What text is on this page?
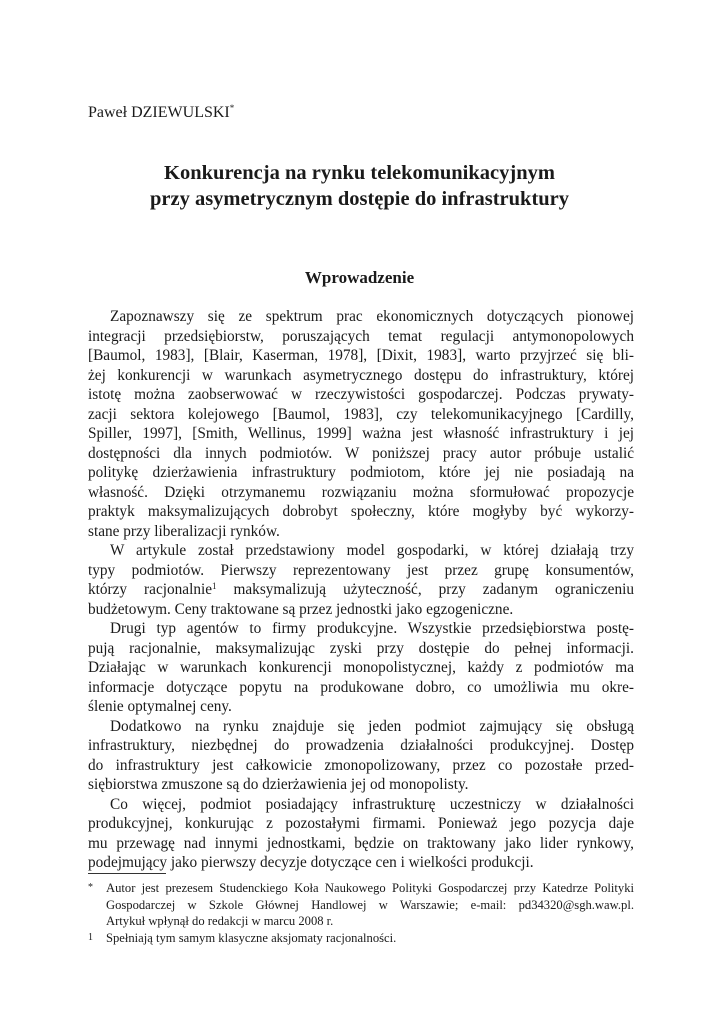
Paweł DZIEWULSKI*
Konkurencja na rynku telekomunikacyjnym
przy asymetrycznym dostępie do infrastruktury
Wprowadzenie
Zapoznawszy się ze spektrum prac ekonomicznych dotyczących pionowej
integracji przedsiębiorstw, poruszających temat regulacji antymonopolowych
[Baumol, 1983], [Blair, Kaserman, 1978], [Dixit, 1983], warto przyjrzeć się bli-
żej konkurencji w warunkach asymetrycznego dostępu do infrastruktury, której
istotę można zaobserwować w rzeczywistości gospodarczej. Podczas prywaty-
zacji sektora kolejowego [Baumol, 1983], czy telekomunikacyjnego [Cardilly,
Spiller, 1997], [Smith, Wellinus, 1999] ważna jest własność infrastruktury i jej
dostępności dla innych podmiotów. W poniższej pracy autor próbuje ustalić
politykę dzierżawienia infrastruktury podmiotom, które jej nie posiadają na
własność. Dzięki otrzymanemu rozwiązaniu można sformułować propozycje
praktyk maksymalizujących dobrobyt społeczny, które mogłyby być wykorzy-
stane przy liberalizacji rynków.
W artykule został przedstawiony model gospodarki, w której działają trzy
typy podmiotów. Pierwszy reprezentowany jest przez grupę konsumentów,
którzy racjonalnie$^1$ maksymalizują użyteczność, przy zadanym ograniczeniu
budżetowym. Ceny traktowane są przez jednostki jako egzogeniczne.
Drugi typ agentów to firmy produkcyjne. Wszystkie przedsiębiorstwa postę-
pują racjonalnie, maksymalizując zyski przy dostępie do pełnej informacji.
Działając w warunkach konkurencji monopolistycznej, każdy z podmiotów ma
informacje dotyczące popytu na produkowane dobro, co umożliwia mu okre-
ślenie optymalnej ceny.
Dodatkowo na rynku znajduje się jeden podmiot zajmujący się obsługą
infrastruktury, niezbędnej do prowadzenia działalności produkcyjnej. Dostęp
do infrastruktury jest całkowicie zmonopolizowany, przez co pozostałe przed-
siębiorstwa zmuszone są do dzierżawienia jej od monopolisty.
Co więcej, podmiot posiadający infrastrukturę uczestniczy w działalności
produkcyjnej, konkurując z pozostałymi firmami. Ponieważ jego pozycja daje
mu przewagę nad innymi jednostkami, będzie on traktowany jako lider rynkowy,
podejmujący jako pierwszy decyzje dotyczące cen i wielkości produkcji.
* Autor jest prezesem Studenckiego Koła Naukowego Polityki Gospodarczej przy Katedrze Polityki
Gospodarczej w Szkole Głównej Handlowej w Warszawie; e-mail: pd34320@sgh.waw.pl.
Artykuł wpłynął do redakcji w marcu 2008 r.
1 Spełniają tym samym klasyczne aksjomaty racjonalności.
